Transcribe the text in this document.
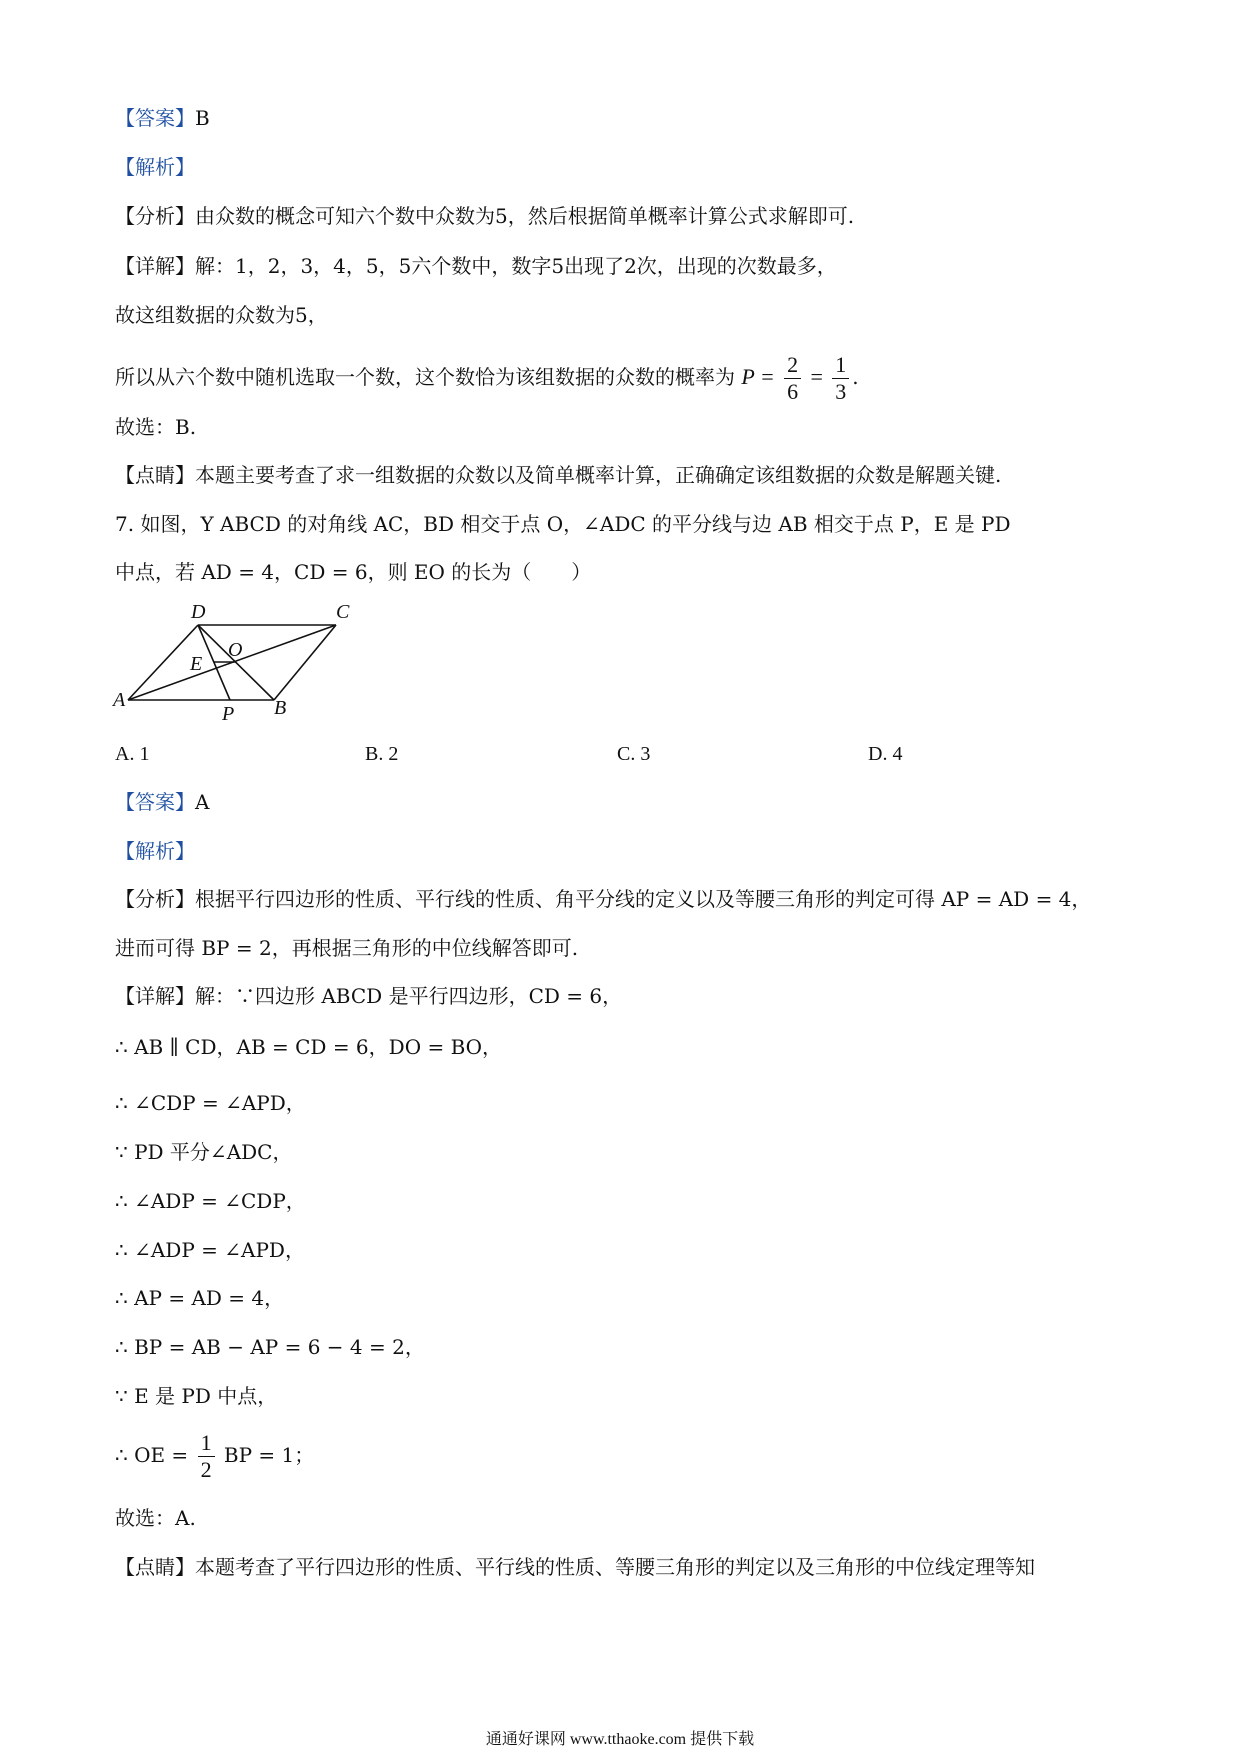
【答案】B
【解析】
【分析】由众数的概念可知六个数中众数为5，然后根据简单概率计算公式求解即可.
【详解】解：1，2，3，4，5，5六个数中，数字5出现了2次，出现的次数最多，
故这组数据的众数为5，
所以从六个数中随机选取一个数，这个数恰为该组数据的众数的概率为 $P = \frac{2}{6} = \frac{1}{3}$ .
故选：B.
【点睛】本题主要考查了求一组数据的众数以及简单概率计算，正确确定该组数据的众数是解题关键.
7. 如图，Y ABCD 的对角线 AC，BD 相交于点 O，∠ADC 的平分线与边 AB 相交于点 P，E 是 PD
中点，若 AD = 4，CD = 6，则 EO 的长为（　　）
D	C
O
E
A
P B
A. 1	B. 2	C. 3	D. 4
【答案】A
【解析】
【分析】根据平行四边形的性质、平行线的性质、角平分线的定义以及等腰三角形的判定可得 AP = AD = 4，
进而可得 BP = 2，再根据三角形的中位线解答即可.
【详解】解：∵四边形 ABCD 是平行四边形，CD = 6，
∴ AB ∥ CD，AB = CD = 6，DO = BO，
∴ ∠CDP = ∠APD，
∵ PD 平分∠ADC，
∴ ∠ADP = ∠CDP，
∴ ∠ADP = ∠APD，
∴ AP = AD = 4，
∴ BP = AB − AP = 6 − 4 = 2，
∵ E 是 PD 中点，
∴ OE = $\frac{1}{2}$ BP = 1；
故选：A.
【点睛】本题考查了平行四边形的性质、平行线的性质、等腰三角形的判定以及三角形的中位线定理等知
通通好课网 www.tthaoke.com 提供下载
